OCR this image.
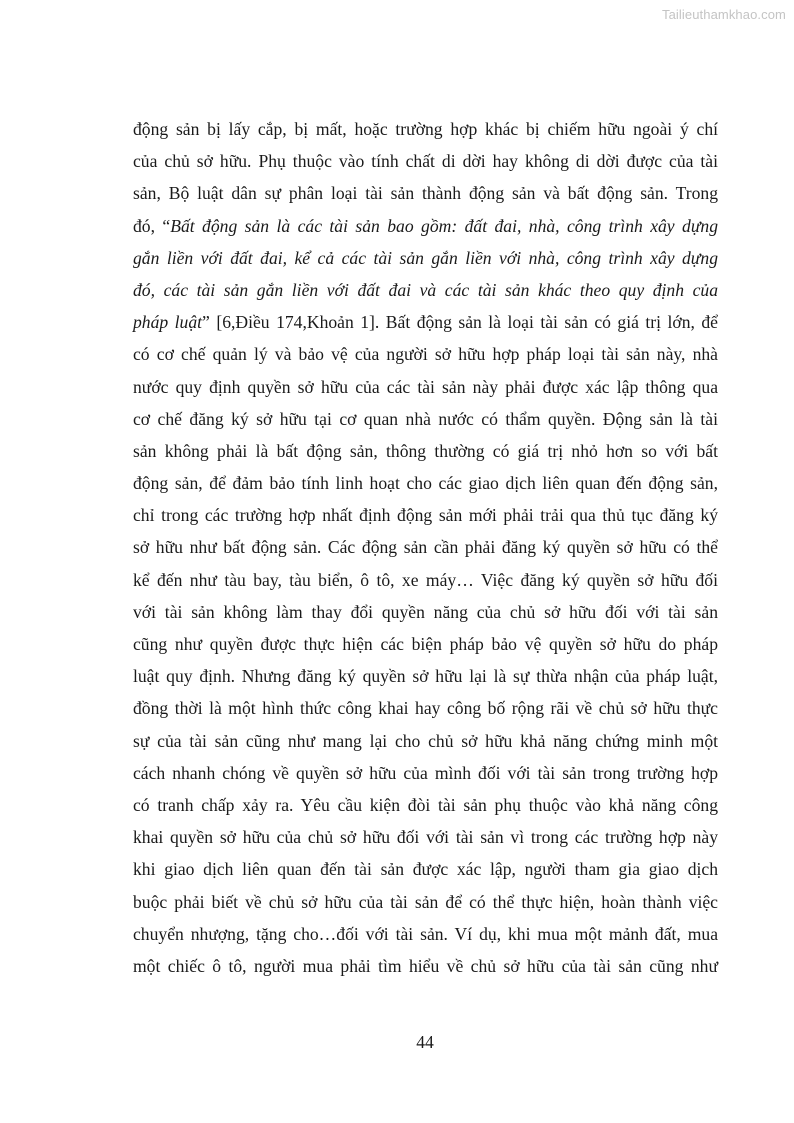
Tailieuthamkhao.com
động sản bị lấy cắp, bị mất, hoặc trường hợp khác bị chiếm hữu ngoài ý chí
của chủ sở hữu. Phụ thuộc vào tính chất di dời hay không di dời được của tài
sản, Bộ luật dân sự phân loại tài sản thành động sản và bất động sản. Trong
đó, “Bất động sản là các tài sản bao gồm: đất đai, nhà, công trình xây dựng
gắn liền với đất đai, kể cả các tài sản gắn liền với nhà, công trình xây dựng
đó, các tài sản gắn liền với đất đai và các tài sản khác theo quy định của
pháp luật” [6,Điều 174,Khoản 1]. Bất động sản là loại tài sản có giá trị lớn, để
có cơ chế quản lý và bảo vệ của người sở hữu hợp pháp loại tài sản này, nhà
nước quy định quyền sở hữu của các tài sản này phải được xác lập thông qua
cơ chế đăng ký sở hữu tại cơ quan nhà nước có thẩm quyền. Động sản là tài
sản không phải là bất động sản, thông thường có giá trị nhỏ hơn so với bất
động sản, để đảm bảo tính linh hoạt cho các giao dịch liên quan đến động sản,
chỉ trong các trường hợp nhất định động sản mới phải trải qua thủ tục đăng ký
sở hữu như bất động sản. Các động sản cần phải đăng ký quyền sở hữu có thể
kể đến như tàu bay, tàu biển, ô tô, xe máy… Việc đăng ký quyền sở hữu đối
với tài sản không làm thay đổi quyền năng của chủ sở hữu đối với tài sản
cũng như quyền được thực hiện các biện pháp bảo vệ quyền sở hữu do pháp
luật quy định. Nhưng đăng ký quyền sở hữu lại là sự thừa nhận của pháp luật,
đồng thời là một hình thức công khai hay công bố rộng rãi về chủ sở hữu thực
sự của tài sản cũng như mang lại cho chủ sở hữu khả năng chứng minh một
cách nhanh chóng về quyền sở hữu của mình đối với tài sản trong trường hợp
có tranh chấp xảy ra. Yêu cầu kiện đòi tài sản phụ thuộc vào khả năng công
khai quyền sở hữu của chủ sở hữu đối với tài sản vì trong các trường hợp này
khi giao dịch liên quan đến tài sản được xác lập, người tham gia giao dịch
buộc phải biết về chủ sở hữu của tài sản để có thể thực hiện, hoàn thành việc
chuyển nhượng, tặng cho…đối với tài sản. Ví dụ, khi mua một mảnh đất, mua
một chiếc ô tô, người mua phải tìm hiểu về chủ sở hữu của tài sản cũng như
44
